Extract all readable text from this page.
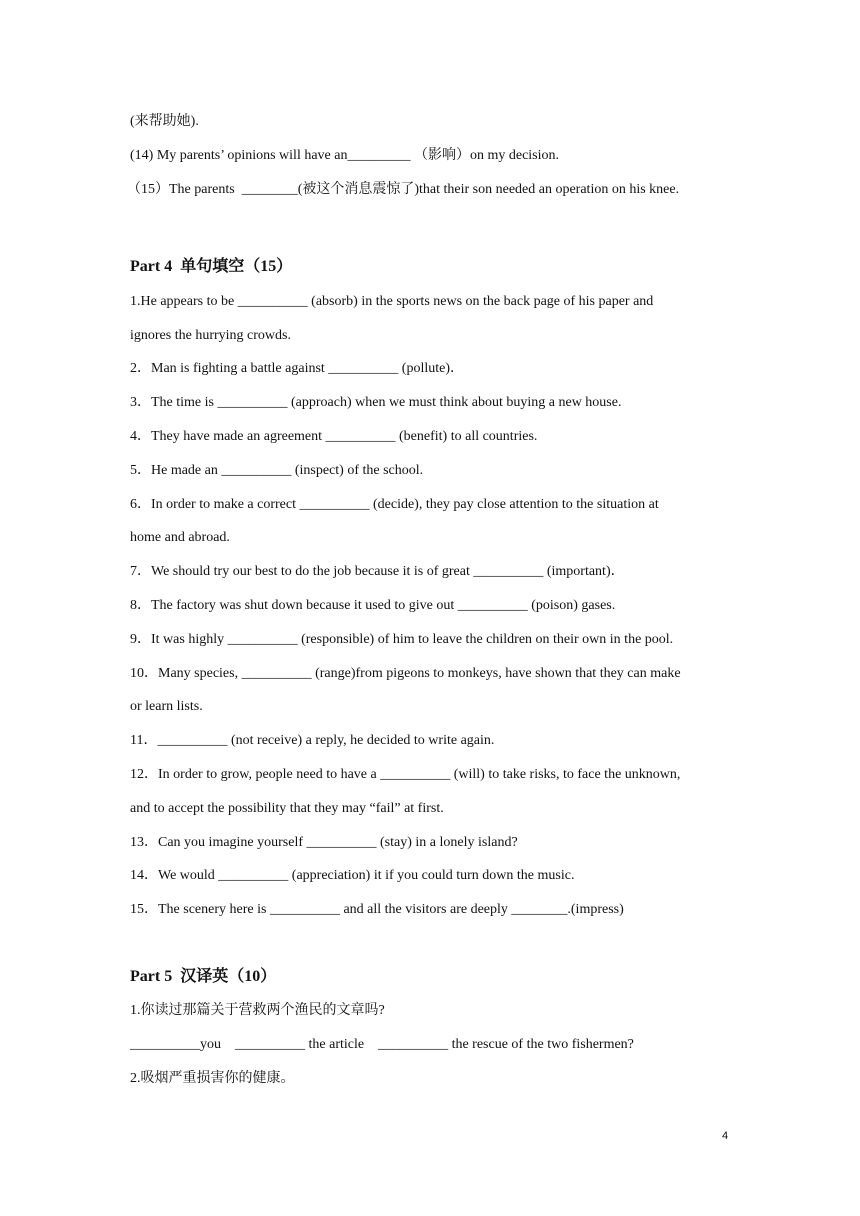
(来帮助她).
(14) My parents’ opinions will have an_________ （影响）on my decision.
（15）The parents  ________(被这个消息震惊了)that their son needed an operation on his knee.
Part 4  单句填空（15）
1.He appears to be __________ (absorb) in the sports news on the back page of his paper and
ignores the hurrying crowds.
2．Man is fighting a battle against __________ (pollute)．
3．The time is __________ (approach) when we must think about buying a new house.
4．They have made an agreement __________ (benefit) to all countries.
5．He made an __________ (inspect) of the school.
6．In order to make a correct __________ (decide), they pay close attention to the situation at
home and abroad.
7．We should try our best to do the job because it is of great __________ (important)．
8．The factory was shut down because it used to give out __________ (poison) gases.
9．It was highly __________ (responsible) of him to leave the children on their own in the pool.
10．Many species, __________ (range)from pigeons to monkeys, have shown that they can make
or learn lists.
11．__________ (not receive) a reply, he decided to write again.
12．In order to grow, people need to have a __________ (will) to take risks, to face the unknown,
and to accept the possibility that they may “fail” at first.
13．Can you imagine yourself __________ (stay) in a lonely island?
14．We would __________ (appreciation) it if you could turn down the music.
15．The scenery here is __________ and all the visitors are deeply ________.(impress)
Part 5  汉译英（10）
1.你读过那篇关于营救两个渔民的文章吗?
__________you    __________ the article    __________ the rescue of the two fishermen?
2.吸烟严重损害你的健康。
4
